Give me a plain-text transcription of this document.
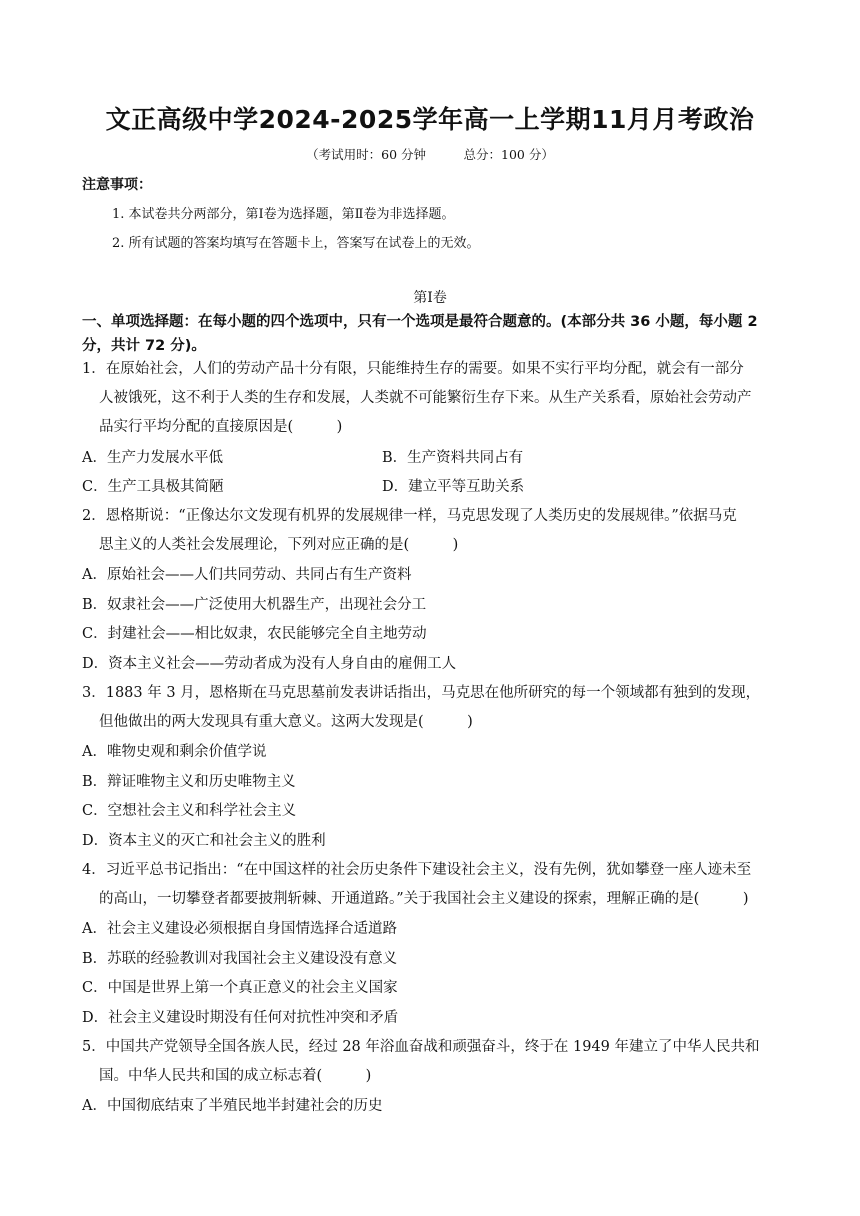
文正高级中学2024-2025学年高一上学期11月月考政治
（考试用时：60 分钟　　　总分：100 分）
注意事项：
1. 本试卷共分两部分，第Ⅰ卷为选择题，第Ⅱ卷为非选择题。
2. 所有试题的答案均填写在答题卡上，答案写在试卷上的无效。
第Ⅰ卷
一、单项选择题：在每小题的四个选项中，只有一个选项是最符合题意的。(本部分共 36 小题，每小题 2 分，共计 72 分)。
1．在原始社会，人们的劳动产品十分有限，只能维持生存的需要。如果不实行平均分配，就会有一部分
人被饿死，这不利于人类的生存和发展，人类就不可能繁衍生存下来。从生产关系看，原始社会劳动产
品实行平均分配的直接原因是(　　　)
A．生产力发展水平低	B．生产资料共同占有
C．生产工具极其简陋	D．建立平等互助关系
2．恩格斯说：“正像达尔文发现有机界的发展规律一样，马克思发现了人类历史的发展规律。”依据马克
思主义的人类社会发展理论，下列对应正确的是(　　　)
A．原始社会——人们共同劳动、共同占有生产资料
B．奴隶社会——广泛使用大机器生产，出现社会分工
C．封建社会——相比奴隶，农民能够完全自主地劳动
D．资本主义社会——劳动者成为没有人身自由的雇佣工人
3．1883 年 3 月，恩格斯在马克思墓前发表讲话指出，马克思在他所研究的每一个领域都有独到的发现，
但他做出的两大发现具有重大意义。这两大发现是(　　　)
A．唯物史观和剩余价值学说
B．辩证唯物主义和历史唯物主义
C．空想社会主义和科学社会主义
D．资本主义的灭亡和社会主义的胜利
4．习近平总书记指出：“在中国这样的社会历史条件下建设社会主义，没有先例，犹如攀登一座人迹未至
的高山，一切攀登者都要披荆斩棘、开通道路。”关于我国社会主义建设的探索，理解正确的是(　　　)
A．社会主义建设必须根据自身国情选择合适道路
B．苏联的经验教训对我国社会主义建设没有意义
C．中国是世界上第一个真正意义的社会主义国家
D．社会主义建设时期没有任何对抗性冲突和矛盾
5．中国共产党领导全国各族人民，经过 28 年浴血奋战和顽强奋斗，终于在 1949 年建立了中华人民共和
国。中华人民共和国的成立标志着(　　　)
A．中国彻底结束了半殖民地半封建社会的历史
